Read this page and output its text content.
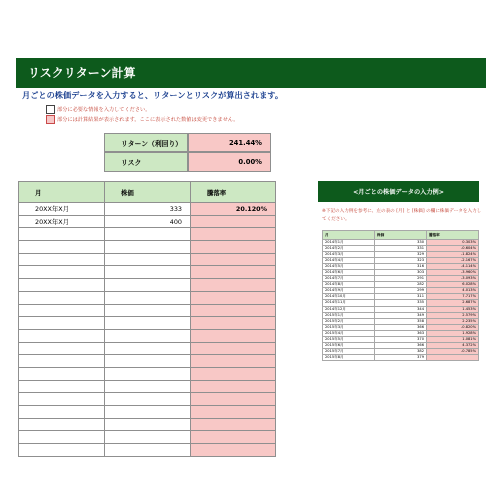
リスクリターン計算
月ごとの株価データを入力すると、リターンとリスクが算出されます。
部分に必要な情報を入力してください。
部分には計算結果が表示されます。ここに表示された数値は変更できません。
リターン（利回り）	241.44%
リスク	0.00%
月	株価	騰落率
20XX年X月	333	20.120%
20XX年X月	400	

<月ごとの株価データの入力例>
※下記の入力例を参考に、左の表の [月] と [株価] の欄に株価データを入力してください。
月	株価	騰落率
2014年1月	330	0.303%
2014年2月	331	-0.604%
2014年3月	329	-1.824%
2014年4月	323	-2.167%
2014年5月	316	-4.114%
2014年6月	303	-3.960%
2014年7月	291	-3.093%
2014年8月	282	6.028%
2014年9月	299	4.013%
2014年10月	311	7.717%
2014年11月	335	2.687%
2014年12月	344	1.453%
2015年1月	349	2.579%
2015年2月	358	2.235%
2015年3月	366	-0.820%
2015年4月	363	1.928%
2015年5月	370	1.081%
2015年6月	366	4.372%
2015年7月	382	-0.785%
2015年8月	379	
